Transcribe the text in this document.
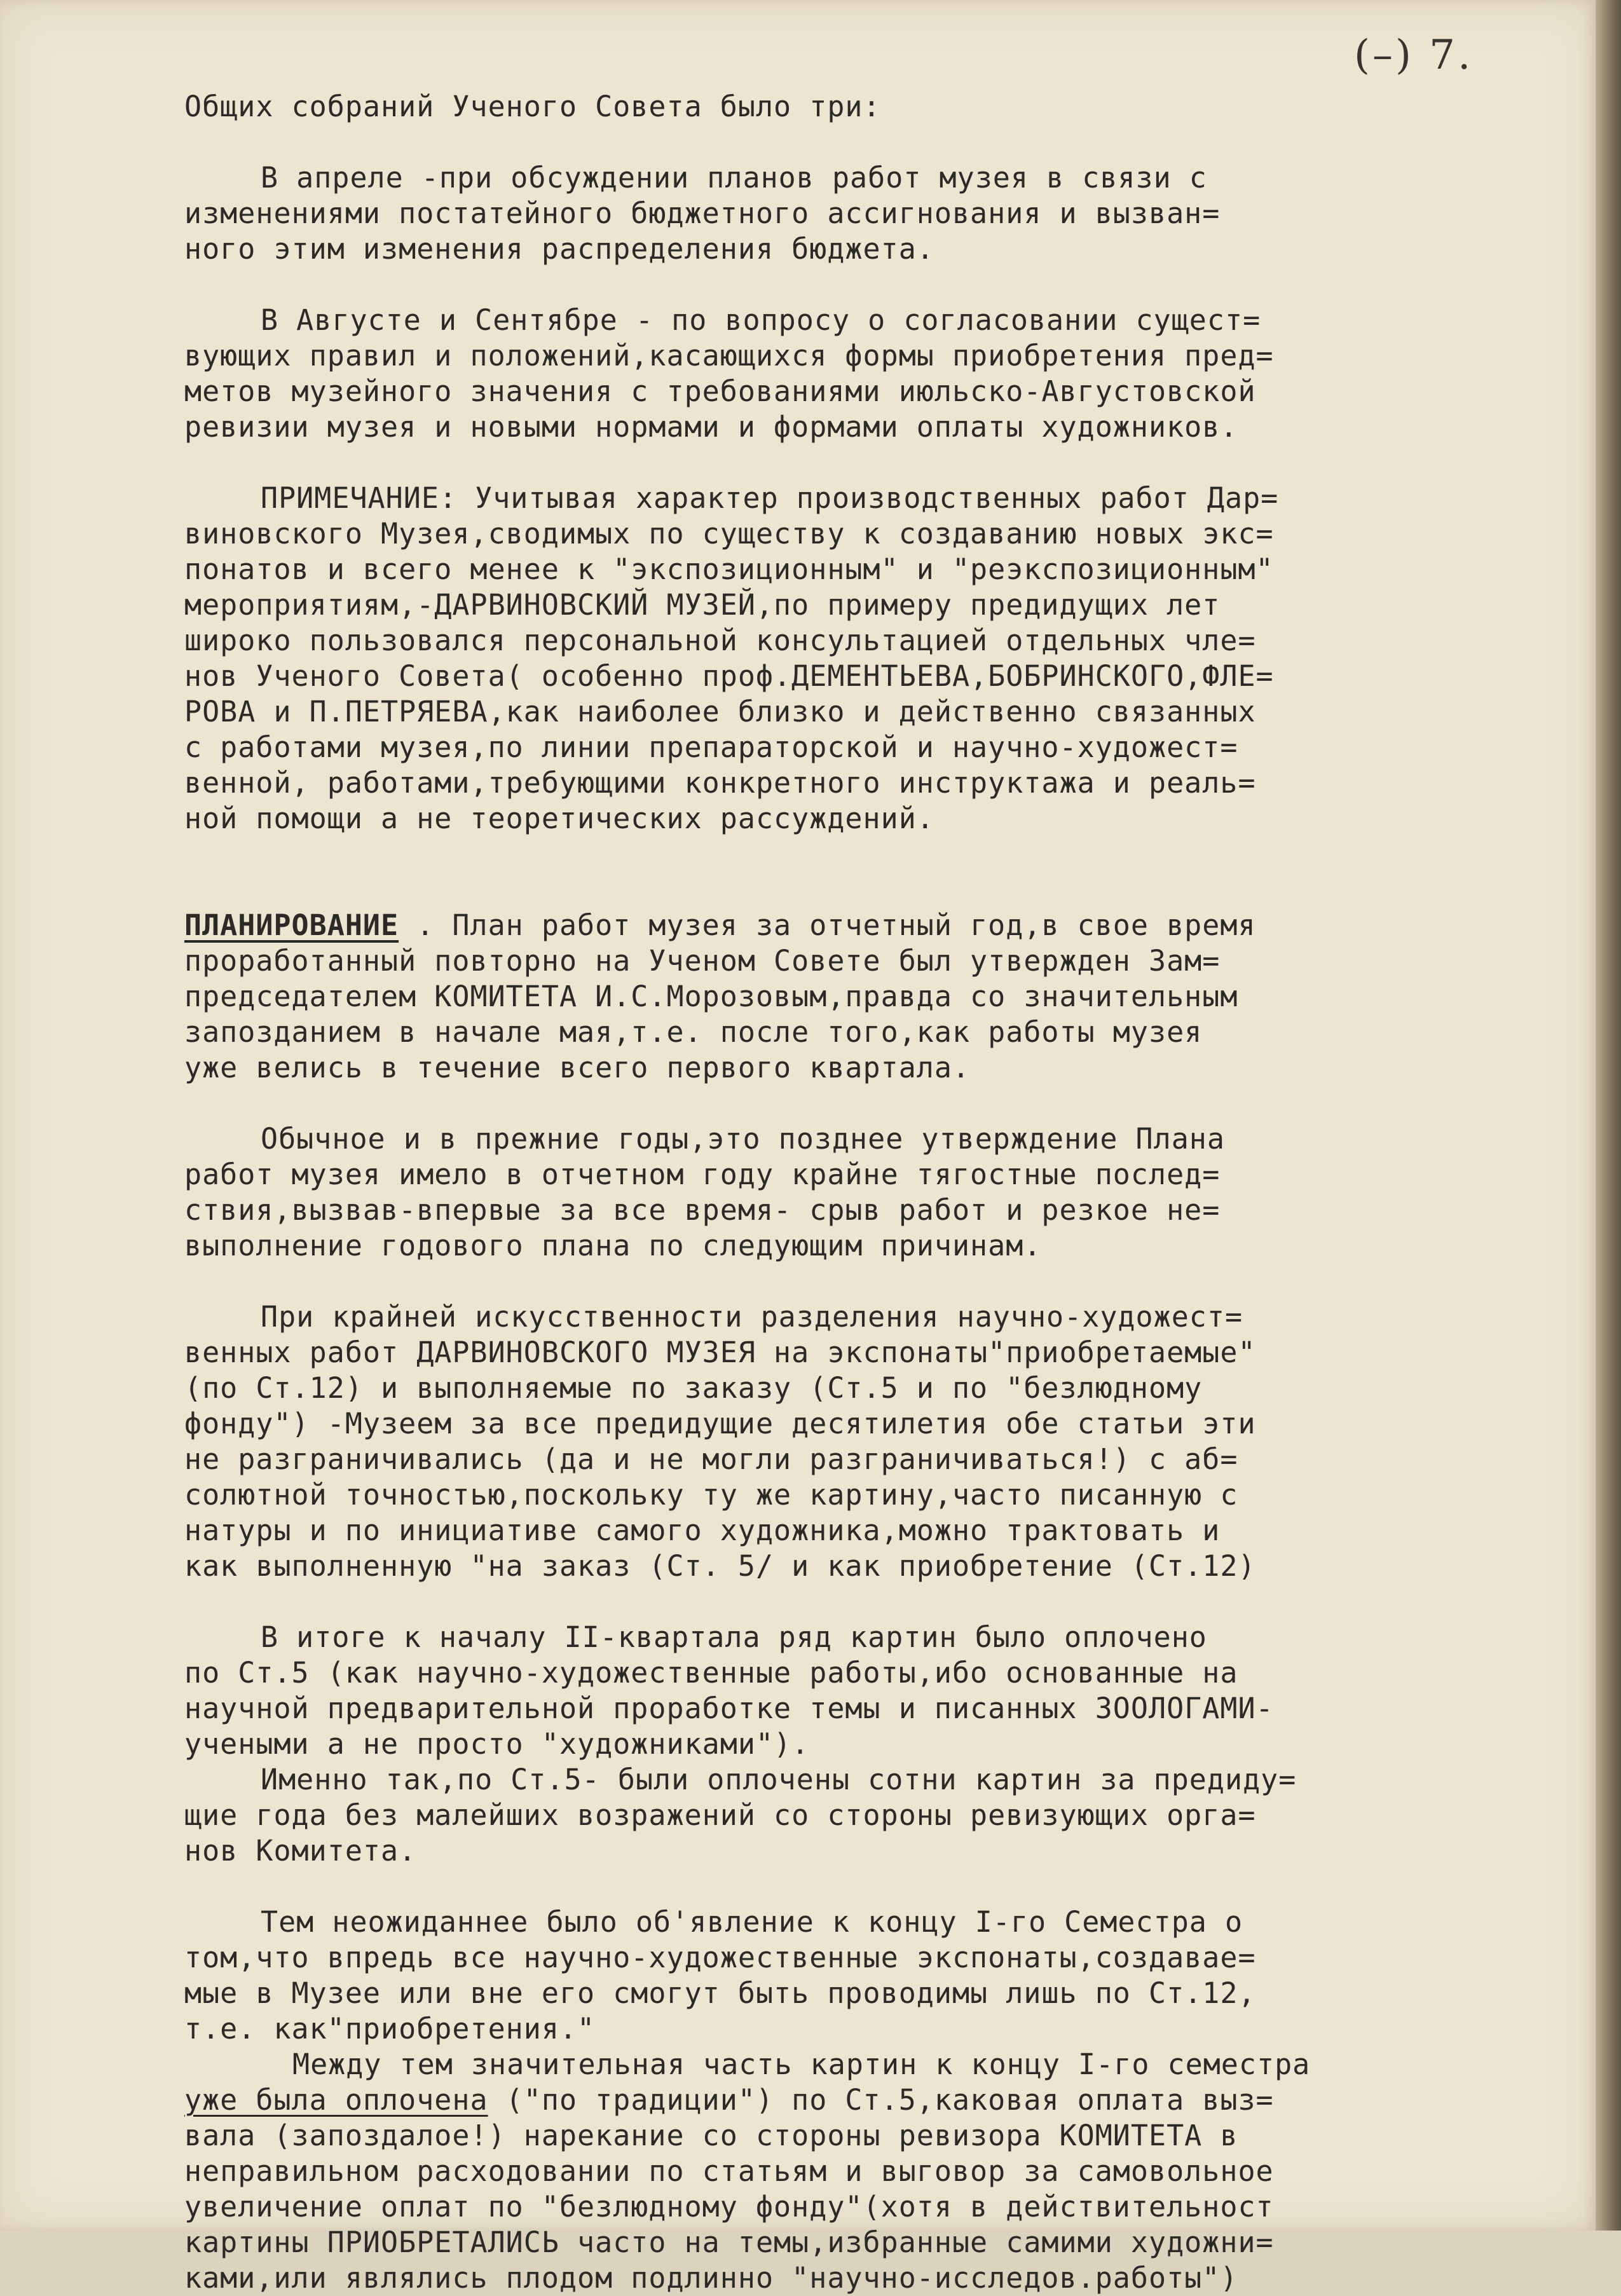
(–) 7.
Общих собраний Ученого Совета было три:
В апреле -при обсуждении планов работ музея в связи с
изменениями постатейного бюджетного ассигнования и вызван=
ного этим изменения распределения бюджета.
В Августе и Сентябре - по вопросу о согласовании сущест=
вующих правил и положений,касающихся формы приобретения пред=
метов музейного значения с требованиями июльско-Августовской
ревизии музея и новыми нормами и формами оплаты художников.
ПРИМЕЧАНИЕ: Учитывая характер производственных работ Дар=
виновского Музея,сводимых по существу к создаванию новых экс=
понатов и всего менее к "экспозиционным" и "реэкспозиционным"
мероприятиям,-ДАРВИНОВСКИЙ МУЗЕЙ,по примеру предидущих лет
широко пользовался персональной консультацией отдельных чле=
нов Ученого Совета( особенно проф.ДЕМЕНТЬЕВА,БОБРИНСКОГО,ФЛЕ=
РОВА и П.ПЕТРЯЕВА,как наиболее близко и действенно связанных
с работами музея,по линии препараторской и научно-художест=
венной, работами,требующими конкретного инструктажа и реаль=
ной помощи а не теоретических рассуждений.
ПЛАНИРОВАНИЕ . План работ музея за отчетный год,в свое время
проработанный повторно на Ученом Совете был утвержден Зам=
председателем КОМИТЕТА И.С.Морозовым,правда со значительным
запозданием в начале мая,т.е. после того,как работы музея
уже велись в течение всего первого квартала.
Обычное и в прежние годы,это позднее утверждение Плана
работ музея имело в отчетном году крайне тягостные послед=
ствия,вызвав-впервые за все время- срыв работ и резкое не=
выполнение годового плана по следующим причинам.
При крайней искусственности разделения научно-художест=
венных работ ДАРВИНОВСКОГО МУЗЕЯ на экспонаты"приобретаемые"
(по Ст.12) и выполняемые по заказу (Ст.5 и по "безлюдному
фонду") -Музеем за все предидущие десятилетия обе статьи эти
не разграничивались (да и не могли разграничиваться!) с аб=
солютной точностью,поскольку ту же картину,часто писанную с
натуры и по инициативе самого художника,можно трактовать и
как выполненную "на заказ (Ст. 5/ и как приобретение (Ст.12)
В итоге к началу II-квартала ряд картин было оплочено
по Ст.5 (как научно-художественные работы,ибо основанные на
научной предварительной проработке темы и писанных ЗООЛОГАМИ-
учеными а не просто "художниками").
Именно так,по Ст.5- были оплочены сотни картин за предиду=
щие года без малейших возражений со стороны ревизующих орга=
нов Комитета.
Тем неожиданнее было об'явление к концу I-го Семестра о
том,что впредь все научно-художественные экспонаты,создавае=
мые в Музее или вне его смогут быть проводимы лишь по Ст.12,
т.е. как"приобретения."
Между тем значительная часть картин к концу I-го семестра
уже была оплочена ("по традиции") по Ст.5,каковая оплата выз=
вала (запоздалое!) нарекание со стороны ревизора КОМИТЕТА в
неправильном расходовании по статьям и выговор за самовольное
увеличение оплат по "безлюдному фонду"(хотя в действительност
картины ПРИОБРЕТАЛИСЬ часто на темы,избранные самими художни=
ками,или являлись плодом подлинно "научно-исследов.работы")
